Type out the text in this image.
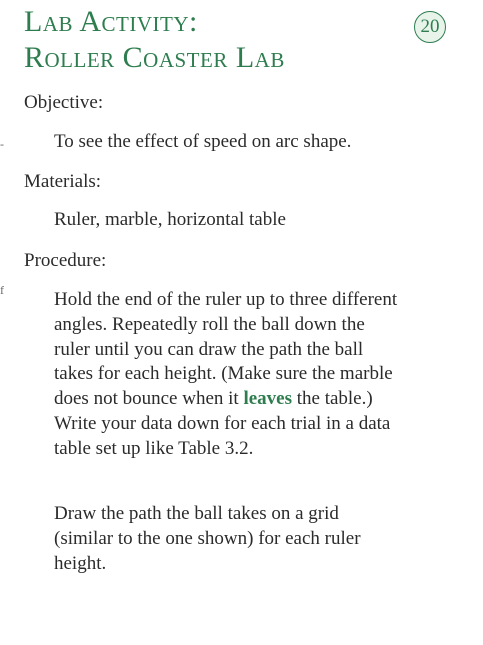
Lab Activity:
Roller Coaster Lab
20
-
f

Objective:

To see the effect of speed on arc shape.

Materials:

Ruler, marble, horizontal table

Procedure:

Hold the end of the ruler up to three different angles. Repeatedly roll the ball down the ruler until you can draw the path the ball takes for each height. (Make sure the marble does not bounce when it leaves the table.) Write your data down for each trial in a data table set up like Table 3.2.

Draw the path the ball takes on a grid (similar to the one shown) for each ruler height.
